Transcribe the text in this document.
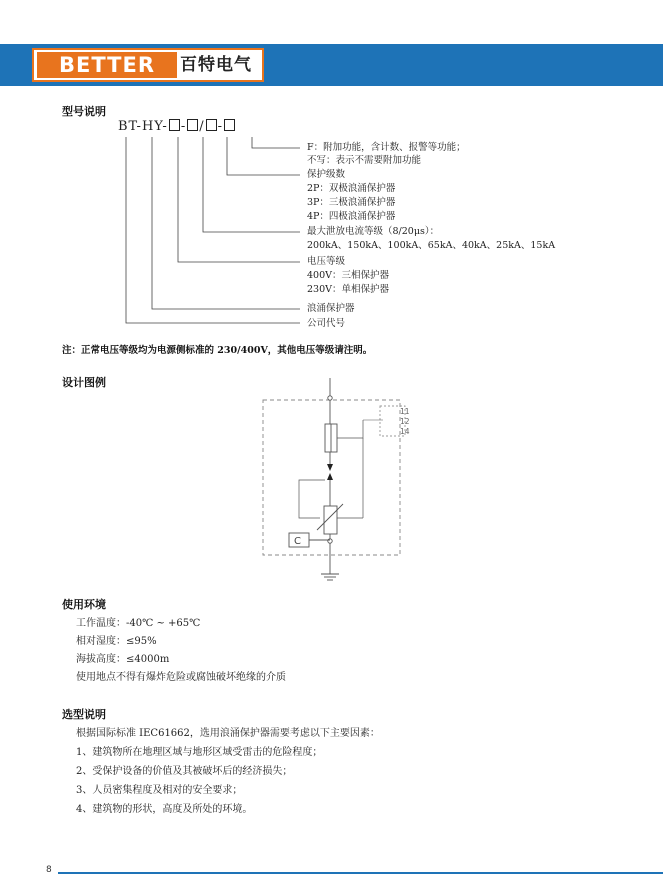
BETTER	百特电气
型号说明
BT-HY- - / -
F：附加功能，含计数、报警等功能；
不写：表示不需要附加功能
保护级数
2P：双极浪涌保护器
3P：三极浪涌保护器
4P：四极浪涌保护器
最大泄放电流等级（8/20μs）：
200kA、150kA、100kA、65kA、40kA、25kA、15kA
电压等级
400V：三相保护器
230V：单相保护器
浪涌保护器
公司代号
注：正常电压等级均为电源侧标准的 230/400V，其他电压等级请注明。
设计图例
11
12
14
C
使用环境
工作温度：-40℃ ~ +65℃
相对湿度：≤95%
海拔高度：≤4000m
使用地点不得有爆炸危险或腐蚀破坏绝缘的介质
选型说明
根据国际标准 IEC61662，选用浪涌保护器需要考虑以下主要因素：
1、建筑物所在地理区域与地形区域受雷击的危险程度；
2、受保护设备的价值及其被破坏后的经济损失；
3、人员密集程度及相对的安全要求；
4、建筑物的形状，高度及所处的环境。
8
